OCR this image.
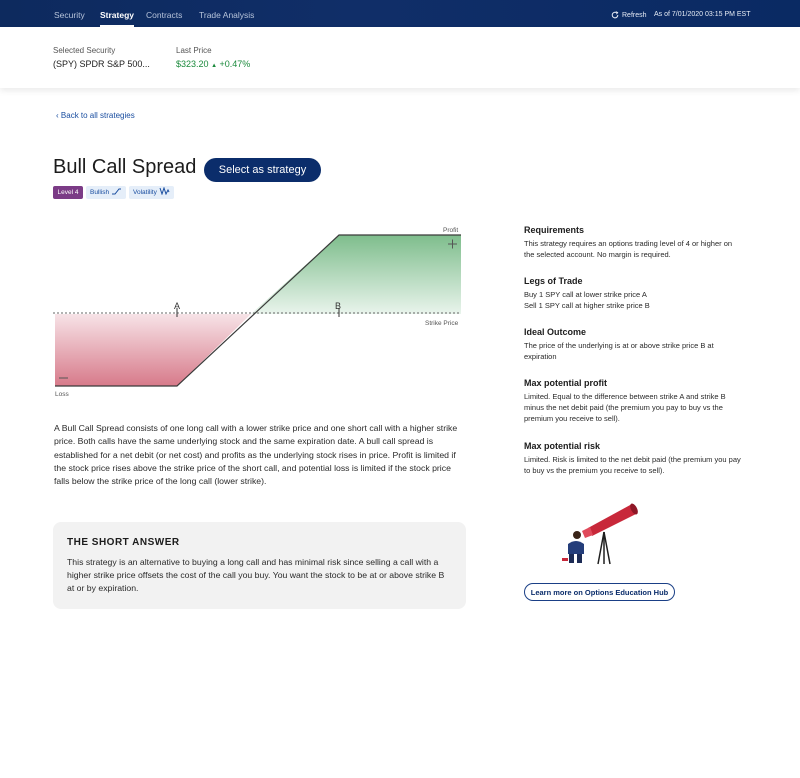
Security Strategy Contracts Trade Analysis	Refresh As of 7/01/2020 03:15 PM EST
Selected Security
(SPY) SPDR S&P 500...
Last Price
$323.20 ▲ +0.47%
‹ Back to all strategies
Bull Call Spread	Select as strategy
Level 4	Bullish	Volatility
A	B
Profit
Strike Price
Loss
A Bull Call Spread consists of one long call with a lower strike price and one short call with a higher strike price. Both calls have the same underlying stock and the same expiration date. A bull call spread is established for a net debit (or net cost) and profits as the underlying stock rises in price. Profit is limited if the stock price rises above the strike price of the short call, and potential loss is limited if the stock price falls below the strike price of the long call (lower strike).
THE SHORT ANSWER
This strategy is an alternative to buying a long call and has minimal risk since selling a call with a higher strike price offsets the cost of the call you buy. You want the stock to be at or above strike B at or by expiration.
Requirements

This strategy requires an options trading level of 4 or higher on the selected account. No margin is required.

Legs of Trade

Buy 1 SPY call at lower strike price A

Sell 1 SPY call at higher strike price B

Ideal Outcome

The price of the underlying is at or above strike price B at expiration

Max potential profit

Limited. Equal to the difference between strike A and strike B minus the net debit paid (the premium you pay to buy vs the premium you receive to sell).

Max potential risk

Limited. Risk is limited to the net debit paid (the premium you pay to buy vs the premium you receive to sell).

Learn more on Options Education Hub
